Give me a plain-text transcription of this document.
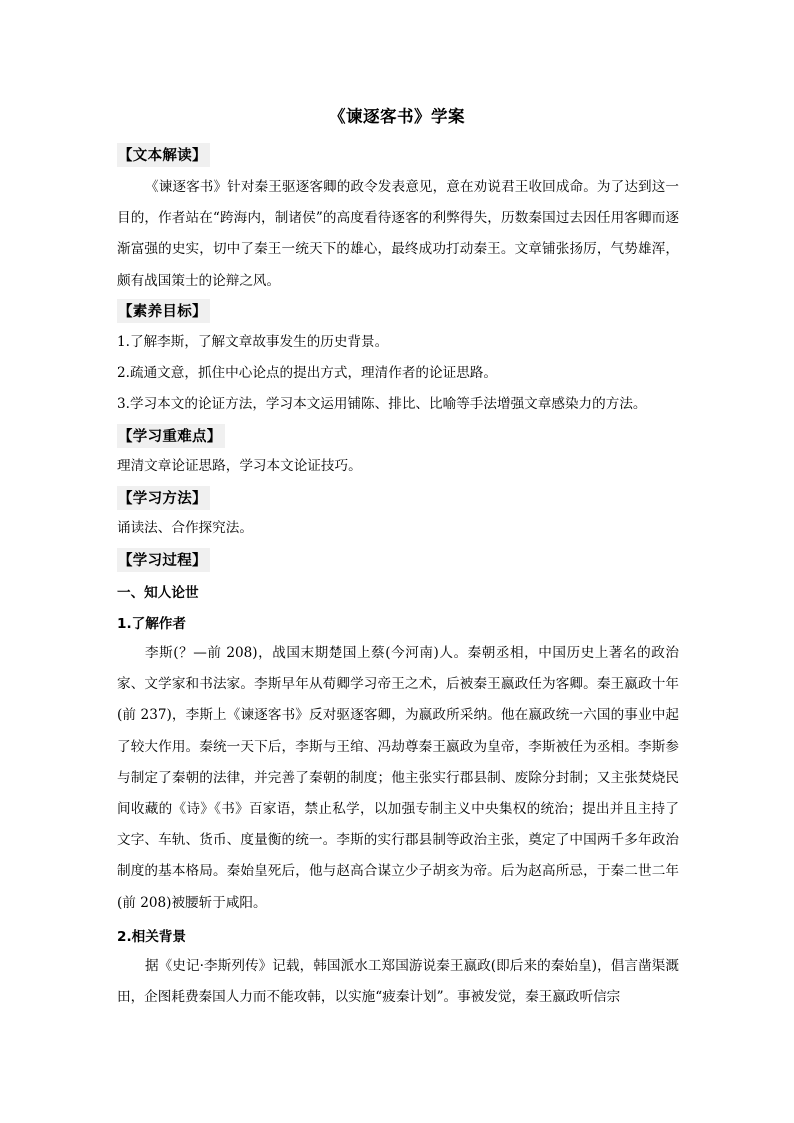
《谏逐客书》学案
【文本解读】
《谏逐客书》针对秦王驱逐客卿的政令发表意见，意在劝说君王收回成命。为了达到这一目的，作者站在“跨海内，制诸侯”的高度看待逐客的利弊得失，历数秦国过去因任用客卿而逐渐富强的史实，切中了秦王一统天下的雄心，最终成功打动秦王。文章铺张扬厉，气势雄浑，颇有战国策士的论辩之风。
【素养目标】
1.了解李斯，了解文章故事发生的历史背景。
2.疏通文意，抓住中心论点的提出方式，理清作者的论证思路。
3.学习本文的论证方法，学习本文运用铺陈、排比、比喻等手法增强文章感染力的方法。
【学习重难点】
理清文章论证思路，学习本文论证技巧。
【学习方法】
诵读法、合作探究法。
【学习过程】
一、知人论世
1.了解作者
李斯(？—前 208)，战国末期楚国上蔡(今河南)人。秦朝丞相，中国历史上著名的政治家、文学家和书法家。李斯早年从荀卿学习帝王之术，后被秦王嬴政任为客卿。秦王嬴政十年(前 237)，李斯上《谏逐客书》反对驱逐客卿，为嬴政所采纳。他在嬴政统一六国的事业中起了较大作用。秦统一天下后，李斯与王绾、冯劫尊秦王嬴政为皇帝，李斯被任为丞相。李斯参与制定了秦朝的法律，并完善了秦朝的制度；他主张实行郡县制、废除分封制；又主张焚烧民间收藏的《诗》《书》百家语，禁止私学，以加强专制主义中央集权的统治；提出并且主持了文字、车轨、货币、度量衡的统一。李斯的实行郡县制等政治主张，奠定了中国两千多年政治制度的基本格局。秦始皇死后，他与赵高合谋立少子胡亥为帝。后为赵高所忌，于秦二世二年(前 208)被腰斩于咸阳。
2.相关背景
据《史记·李斯列传》记载，韩国派水工郑国游说秦王嬴政(即后来的秦始皇)，倡言凿渠溉田，企图耗费秦国人力而不能攻韩，以实施“疲秦计划”。事被发觉，秦王嬴政听信宗
